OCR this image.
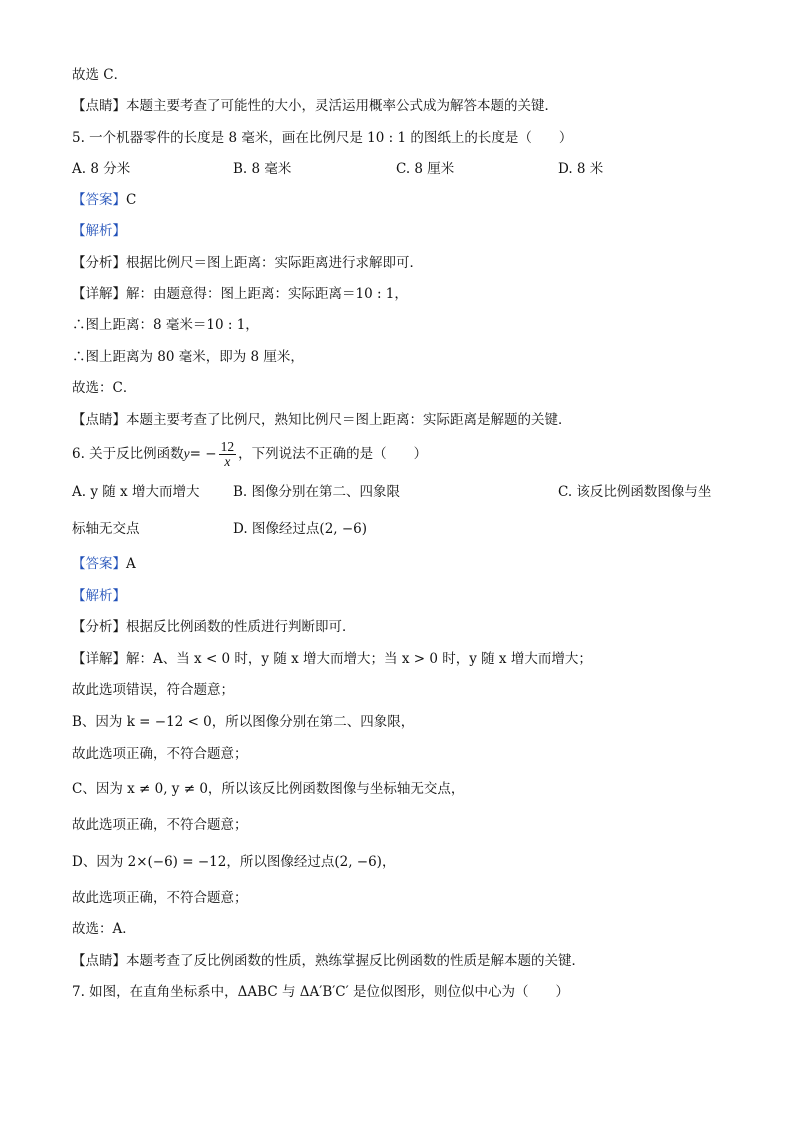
故选 C．
【点睛】本题主要考查了可能性的大小，灵活运用概率公式成为解答本题的关键．
5. 一个机器零件的长度是 8 毫米，画在比例尺是 10 : 1 的图纸上的长度是（　　）
A. 8 分米	B. 8 毫米	C. 8 厘米	D. 8 米
【答案】C
【解析】
【分析】根据比例尺＝图上距离：实际距离进行求解即可．
【详解】解：由题意得：图上距离：实际距离＝10 : 1，
∴图上距离：8 毫米＝10 : 1，
∴图上距离为 80 毫米，即为 8 厘米，
故选：C．
【点睛】本题主要考查了比例尺，熟知比例尺＝图上距离：实际距离是解题的关键．
6. 关于反比例函数$y= - \frac{12}{x}$ ，下列说法不正确的是（　　）
A. y 随 x 增大而增大 B. 图像分别在第二、四象限	C. 该反比例函数图像与坐
标轴无交点	D. 图像经过点(2, −6)
【答案】A
【解析】
【分析】根据反比例函数的性质进行判断即可．
【详解】解：A、当 x < 0 时，y 随 x 增大而增大；当 x > 0 时，y 随 x 增大而增大；
故此选项错误，符合题意；
B、因为 k = −12 < 0，所以图像分别在第二、四象限，
故此选项正确，不符合题意；
C、因为 x ≠ 0, y ≠ 0，所以该反比例函数图像与坐标轴无交点，
故此选项正确，不符合题意；
D、因为 2×(−6) = −12，所以图像经过点(2, −6)，
故此选项正确，不符合题意；
故选：A．
【点睛】本题考查了反比例函数的性质，熟练掌握反比例函数的性质是解本题的关键．
7. 如图，在直角坐标系中，ΔABC 与 ΔA′B′C′ 是位似图形，则位似中心为（　　）
